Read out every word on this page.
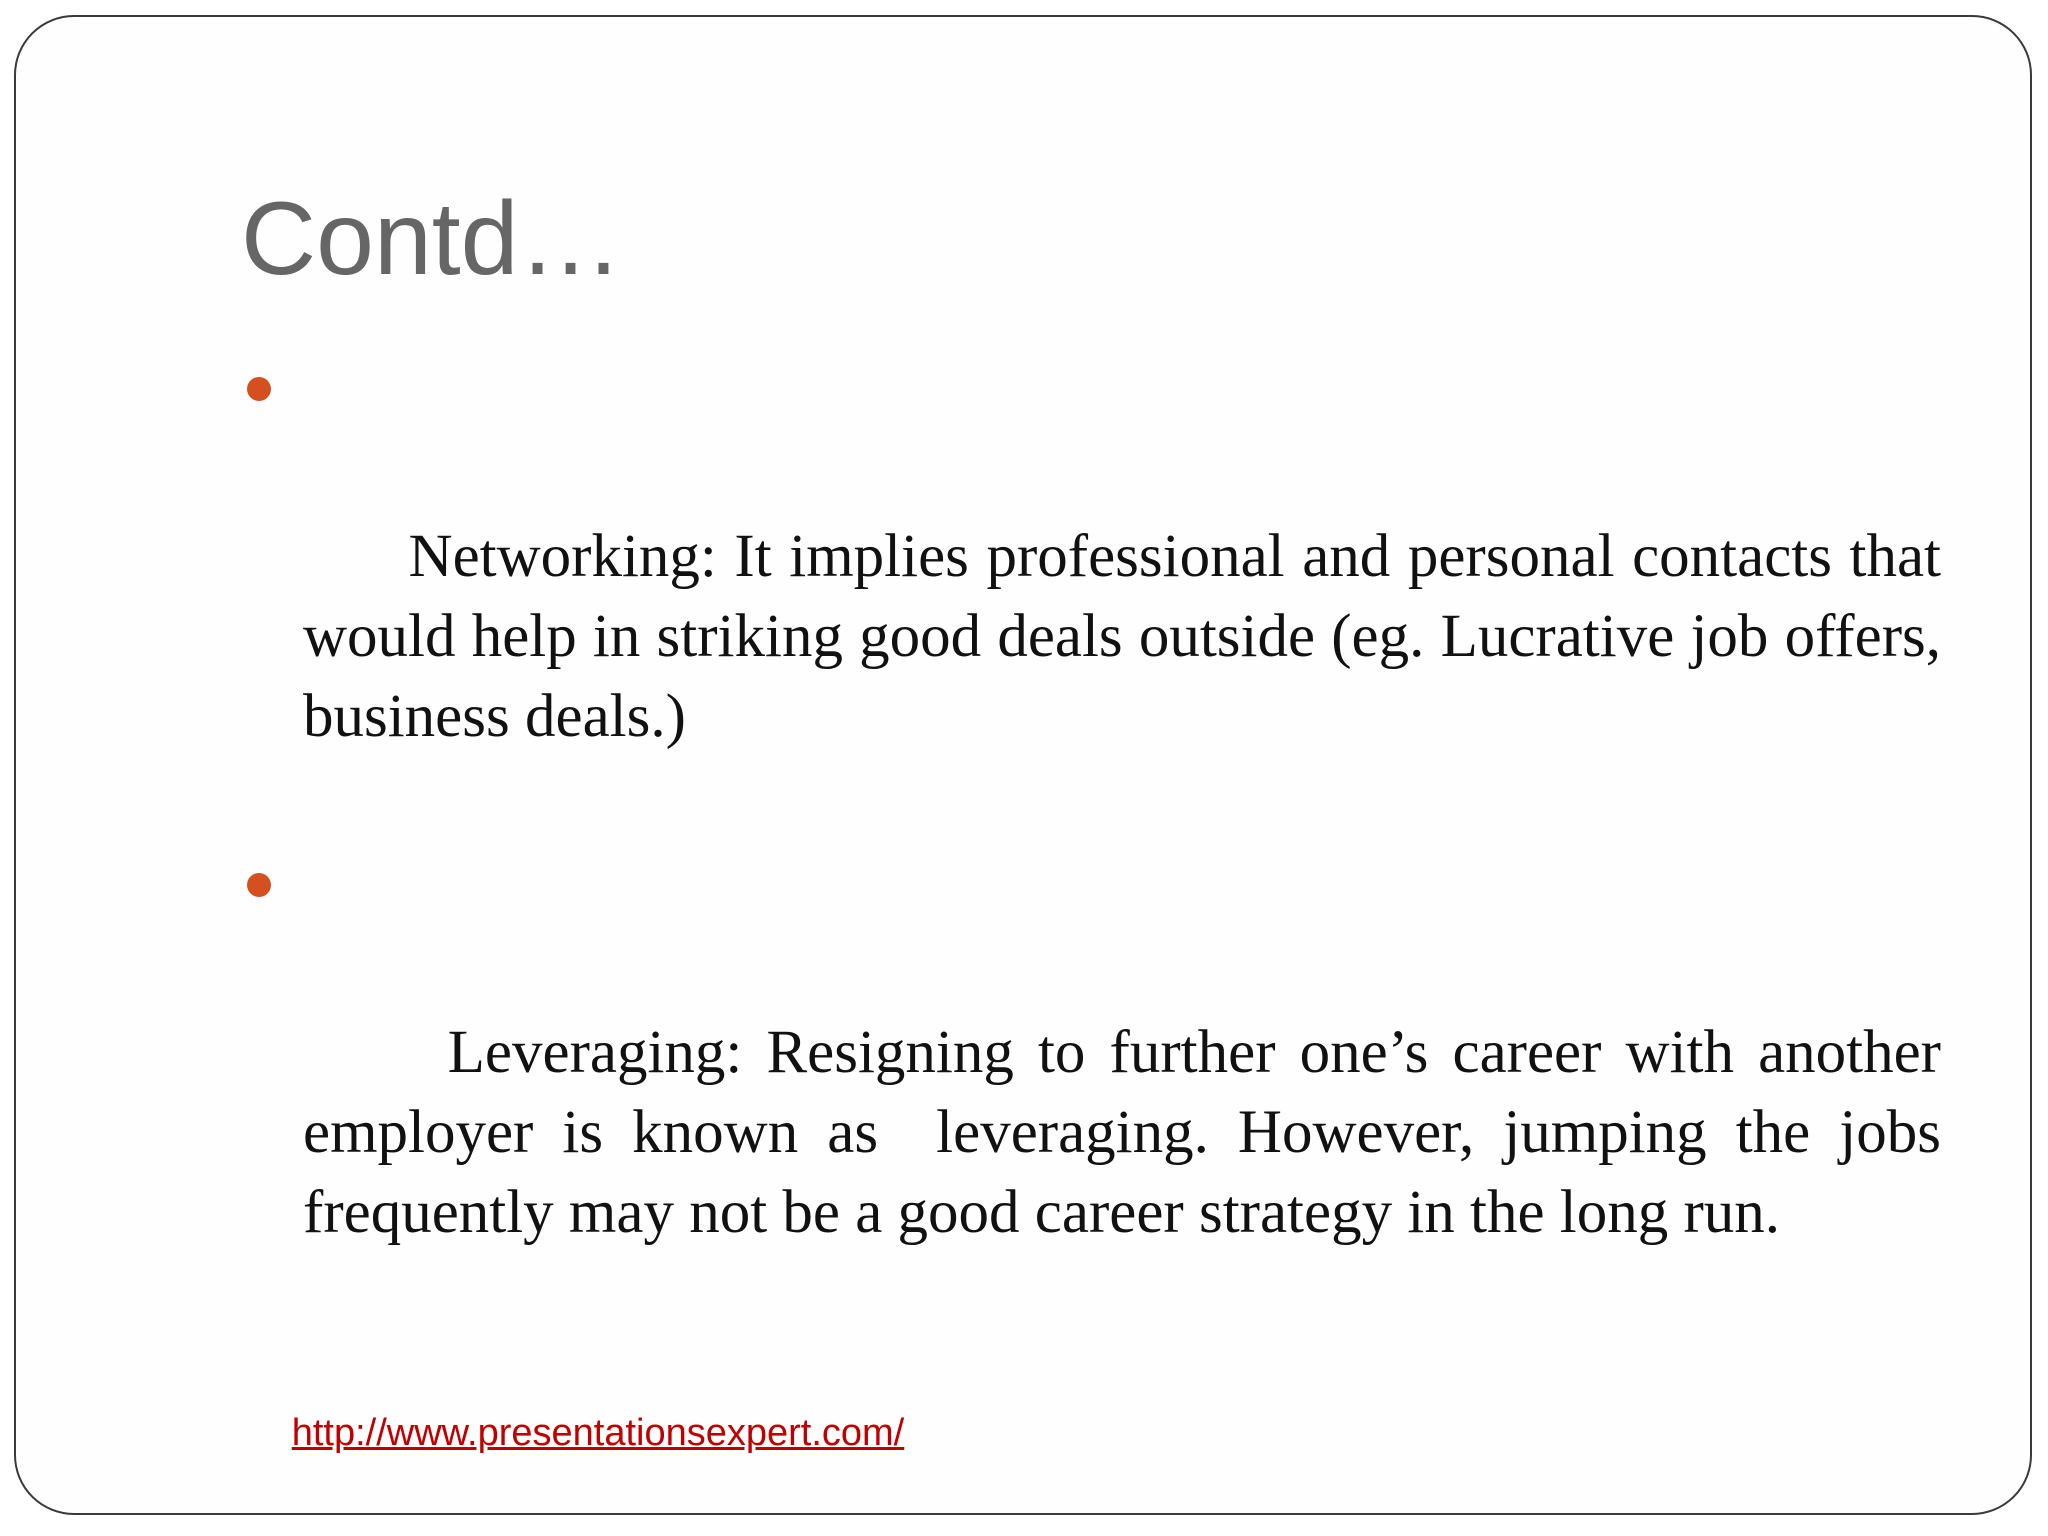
Contd…

Networking: It implies professional and personal contacts that would help in striking good deals outside (eg. Lucrative job offers, business deals.)

Leveraging: Resigning to further one’s career with another employer is known as  leveraging. However, jumping the jobs frequently may not be a good career strategy in the long run.

http://www.presentationsexpert.com/
